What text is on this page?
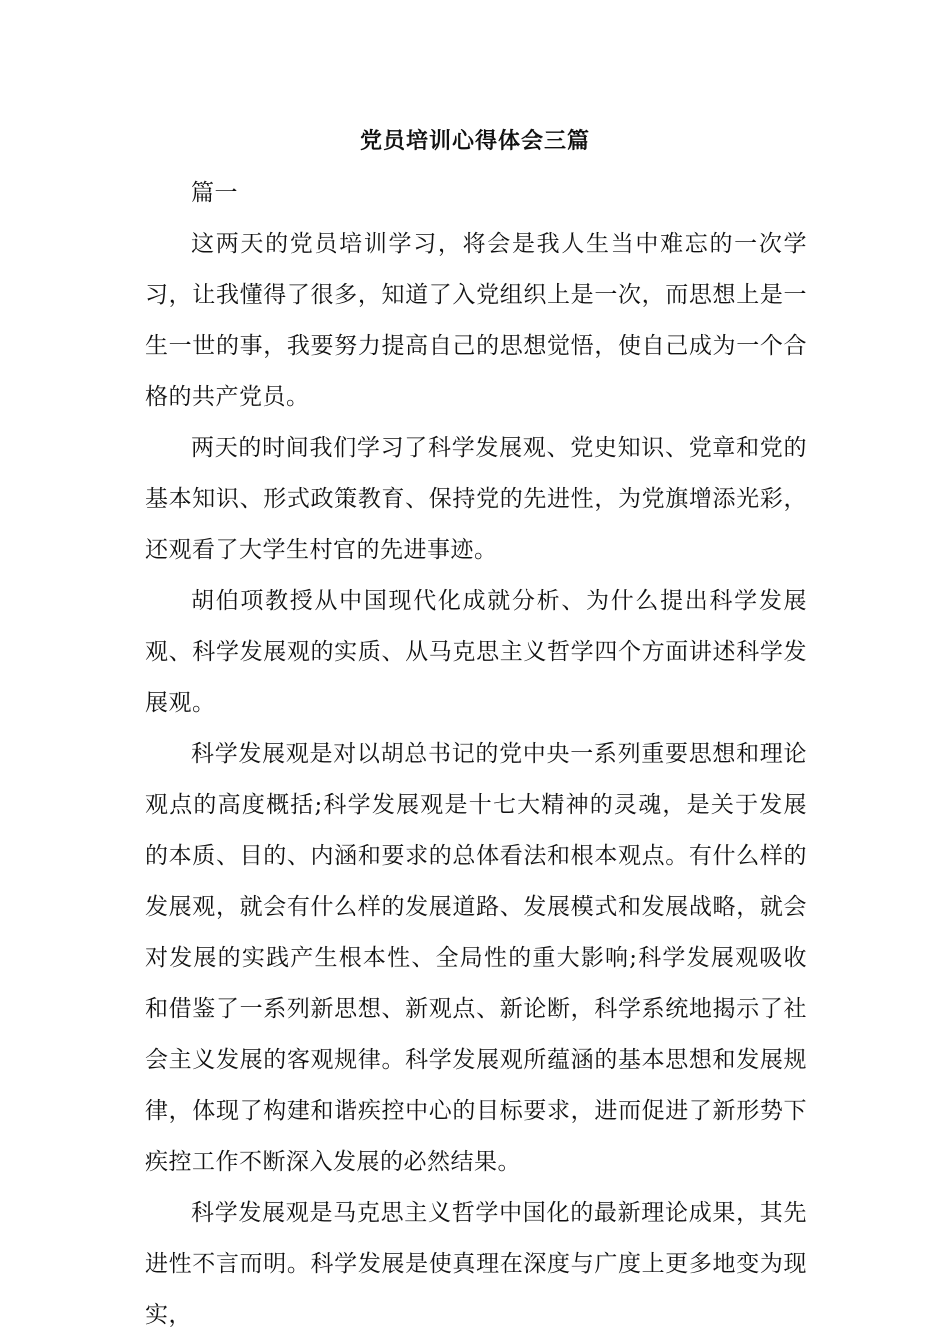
党员培训心得体会三篇

篇一

这两天的党员培训学习，将会是我人生当中难忘的一次学习，让我懂得了很多，知道了入党组织上是一次，而思想上是一生一世的事，我要努力提高自己的思想觉悟，使自己成为一个合格的共产党员。

两天的时间我们学习了科学发展观、党史知识、党章和党的基本知识、形式政策教育、保持党的先进性，为党旗增添光彩，还观看了大学生村官的先进事迹。

胡伯项教授从中国现代化成就分析、为什么提出科学发展观、科学发展观的实质、从马克思主义哲学四个方面讲述科学发展观。

科学发展观是对以胡总书记的党中央一系列重要思想和理论观点的高度概括;科学发展观是十七大精神的灵魂，是关于发展的本质、目的、内涵和要求的总体看法和根本观点。有什么样的发展观，就会有什么样的发展道路、发展模式和发展战略，就会对发展的实践产生根本性、全局性的重大影响;科学发展观吸收和借鉴了一系列新思想、新观点、新论断，科学系统地揭示了社会主义发展的客观规律。科学发展观所蕴涵的基本思想和发展规律，体现了构建和谐疾控中心的目标要求，进而促进了新形势下疾控工作不断深入发展的必然结果。

科学发展观是马克思主义哲学中国化的最新理论成果，其先进性不言而明。科学发展是使真理在深度与广度上更多地变为现实，
